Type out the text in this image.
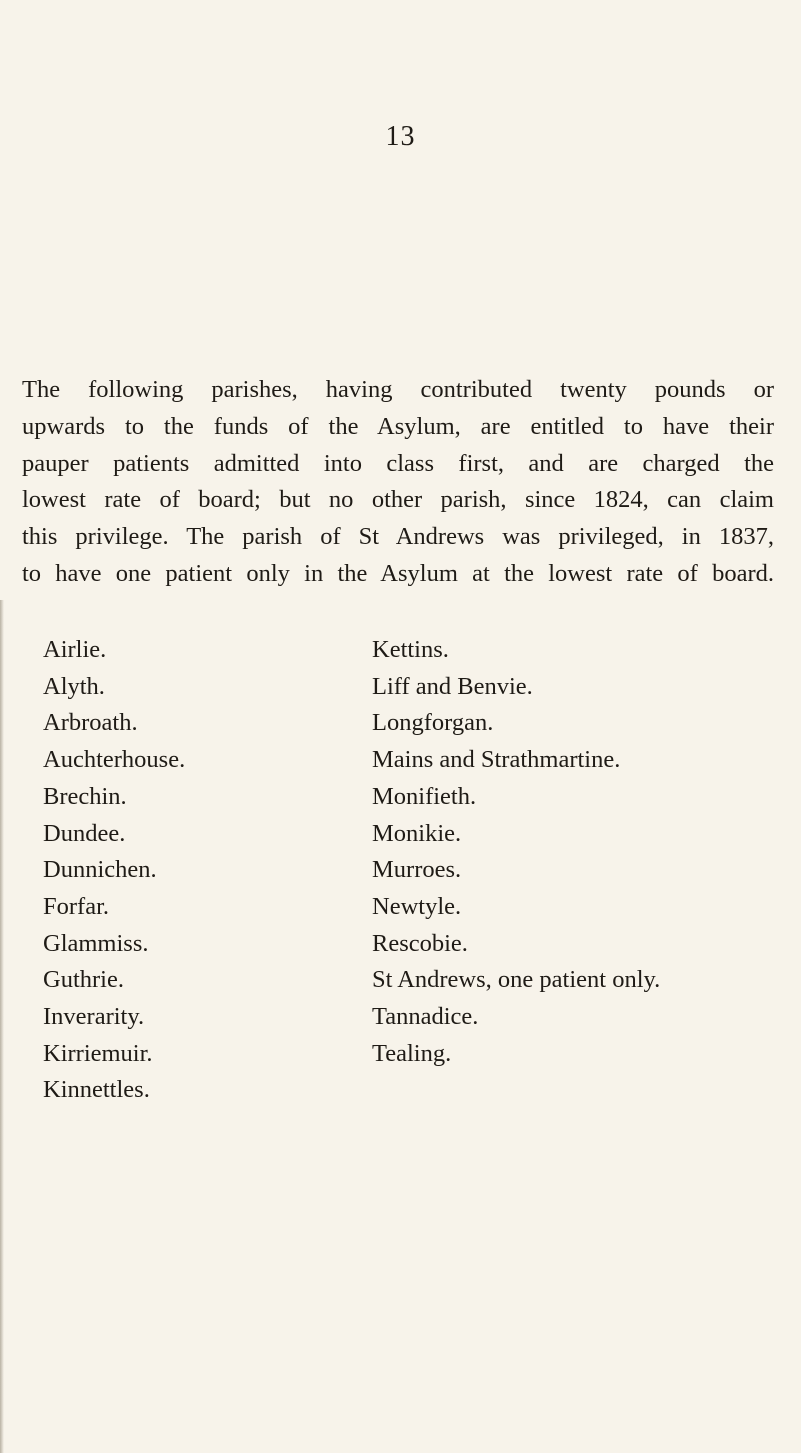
13
The following parishes, having contributed twenty pounds or
upwards to the funds of the Asylum, are entitled to have their
pauper patients admitted into class first, and are charged the
lowest rate of board; but no other parish, since 1824, can claim
this privilege. The parish of St Andrews was privileged, in 1837,
to have one patient only in the Asylum at the lowest rate of board.
Airlie.
Alyth.
Arbroath.
Auchterhouse.
Brechin.
Dundee.
Dunnichen.
Forfar.
Glammiss.
Guthrie.
Inverarity.
Kirriemuir.
Kinnettles.
Kettins.
Liff and Benvie.
Longforgan.
Mains and Strathmartine.
Monifieth.
Monikie.
Murroes.
Newtyle.
Rescobie.
St Andrews, one patient only.
Tannadice.
Tealing.
